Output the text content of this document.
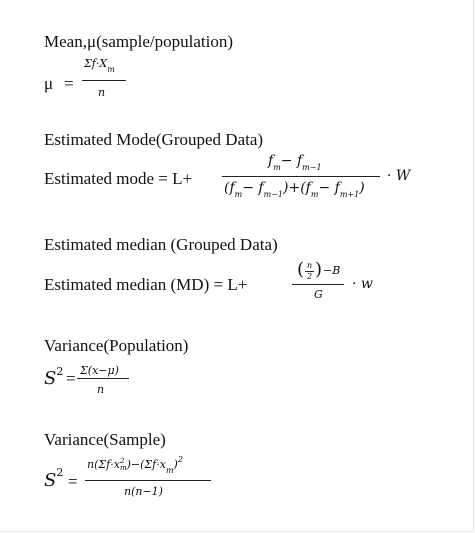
Mean,μ(sample/population)
μ =
$\Sigma f\cdot X_m$
n
Estimated Mode(Grouped Data)
Estimated mode = L+
$f_m- f_{m-1}$
$(f_m- f_{m-1})+(f_m- f_{m+1})$
· W
Estimated median (Grouped Data)
Estimated median (MD) = L+
( n
2 ) −B
G
· w
Variance(Population)
$S^2 = \Sigma(x-\mu)$
n
Variance(Sample)
$S^2$ =
n(Σf·x 2
m )$-(\Sigma f\cdot x_m)^2$
n(n−1)
